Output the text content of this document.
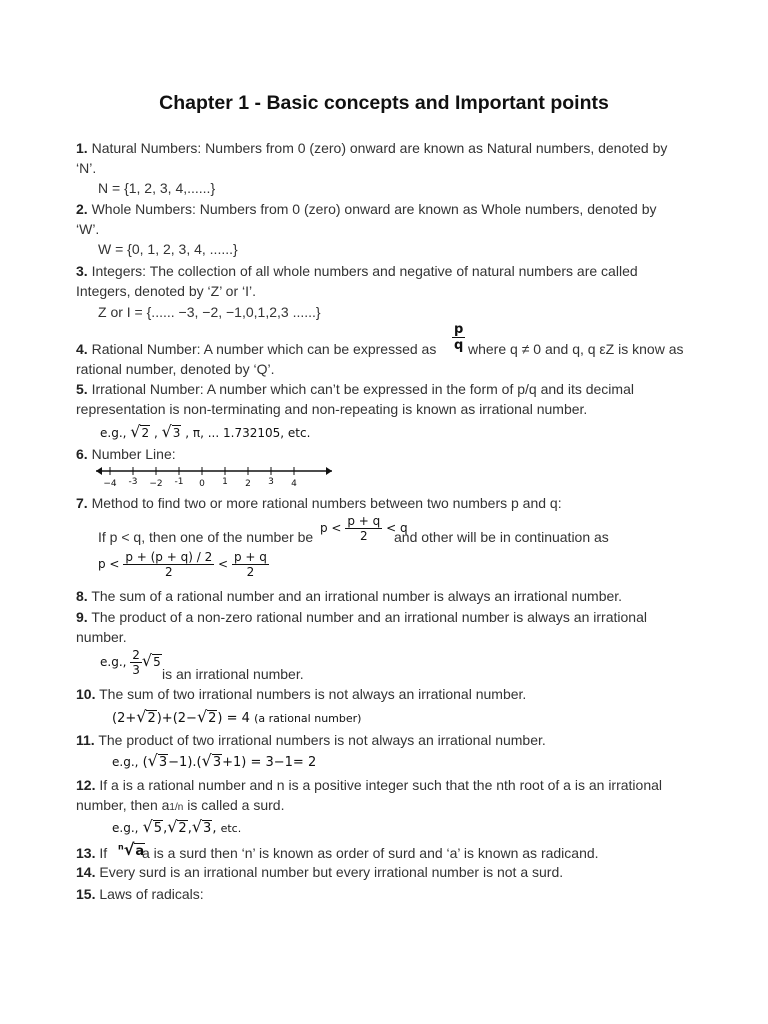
Chapter 1 - Basic concepts and Important points
1. Natural Numbers: Numbers from 0 (zero) onward are known as Natural numbers, denoted by
‘N’.
N = {1, 2, 3, 4,......}
2. Whole Numbers: Numbers from 0 (zero) onward are known as Whole numbers, denoted by
‘W’.
W = {0, 1, 2, 3, 4, ......}
3. Integers: The collection of all whole numbers and negative of natural numbers are called
Integers, denoted by ‘Z’ or ‘I’.
Z or I = {...... −3, −2, −1,0,1,2,3 ......}
$\frac{p}{q}$
4. Rational Number: A number which can be expressed as where q ≠ 0 and q, q εZ is know as
rational number, denoted by ‘Q’.
5. Irrational Number: A number which can’t be expressed in the form of p/q and its decimal
representation is non-terminating and non-repeating is known as irrational number.
e.g., √2 , √3 , π, ... 1.732105, etc.
6. Number Line:
−4 -3 −2 -1 0 1 2 3 4
7. Method to find two or more rational numbers between two numbers p and q:
If p < q, then one of the number be
$p < \frac{p + q}{2} < q$
and other will be in continuation as
$p < \frac{p + (p + q) / 2}{2} < \frac{p + q}{2}$
8. The sum of a rational number and an irrational number is always an irrational number.
9. The product of a non-zero rational number and an irrational number is always an irrational
number.
e.g., $\frac{2}{3} √5$
is an irrational number.
10. The sum of two irrational numbers is not always an irrational number.
(2+√2)+(2−√2) = 4 (a rational number)
11. The product of two irrational numbers is not always an irrational number.
e.g., (√3−1).(√3+1) = 3−1= 2
12. If a is a rational number and n is a positive integer such that the nth root of a is an irrational
number, then a1/n is called a surd.
e.g., √5,√2,√3, etc.
13. If $^n$√a
a is a surd then ‘n’ is known as order of surd and ‘a’ is known as radicand.
14. Every surd is an irrational number but every irrational number is not a surd.
15. Laws of radicals:
